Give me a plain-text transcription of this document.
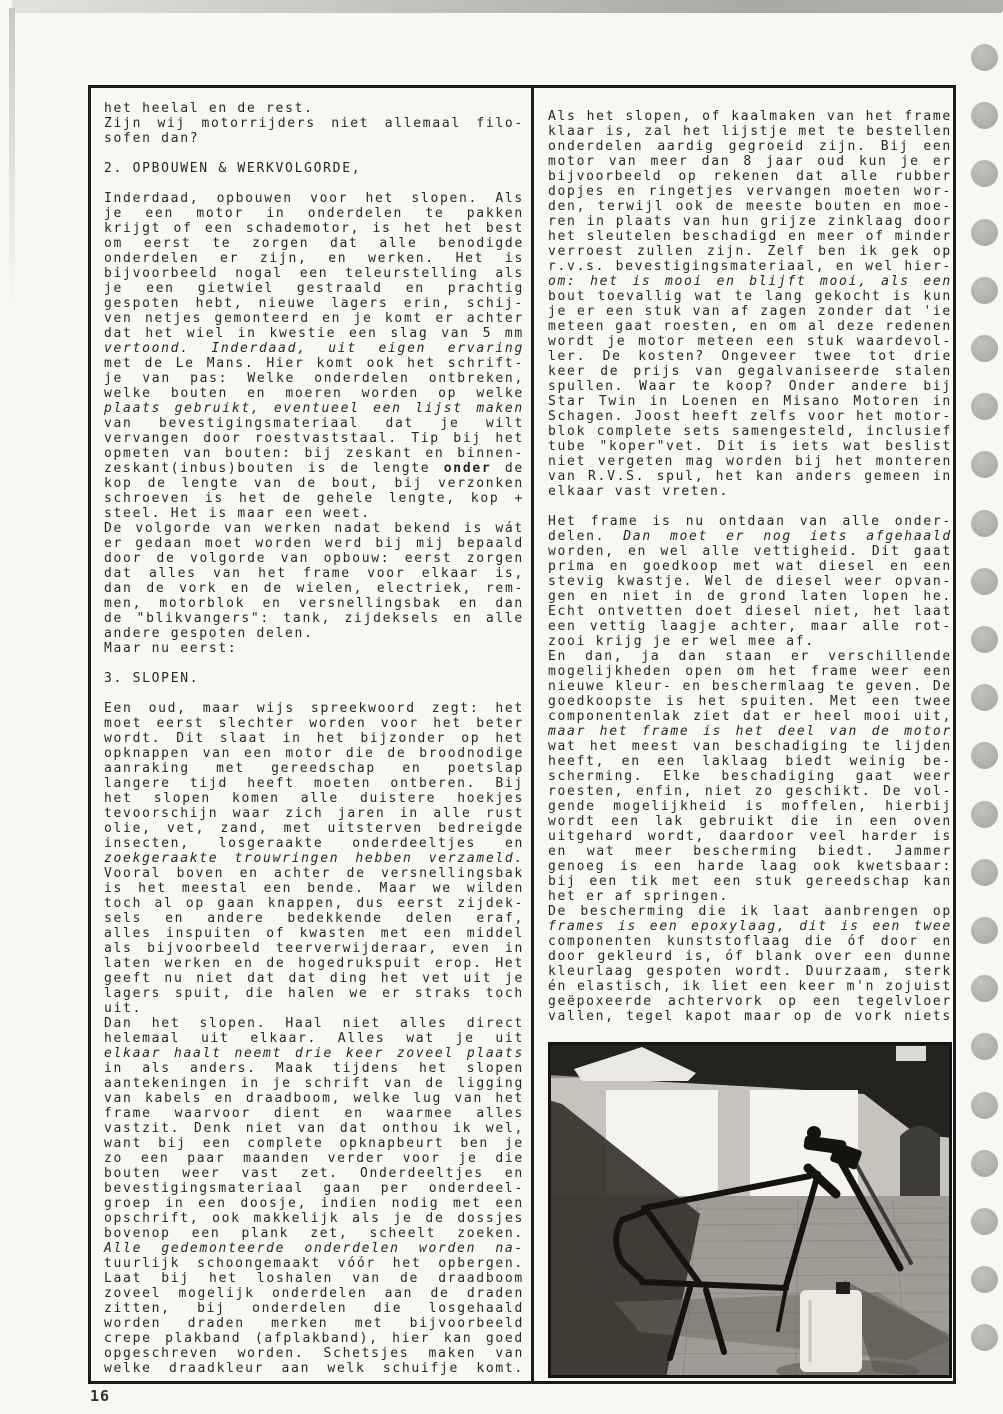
het heelal en de rest.
Zijn wij motorrijders niet allemaal filo-
sofen dan?
2. OPBOUWEN & WERKVOLGORDE,
Inderdaad, opbouwen voor het slopen. Als
je een motor in onderdelen te pakken
krijgt of een schademotor, is het het best
om eerst te zorgen dat alle benodigde
onderdelen er zijn, en werken. Het is
bijvoorbeeld nogal een teleurstelling als
je een gietwiel gestraald en prachtig
gespoten hebt, nieuwe lagers erin, schij-
ven netjes gemonteerd en je komt er achter
dat het wiel in kwestie een slag van 5 mm
vertoond. Inderdaad, uit eigen ervaring
met de Le Mans. Hier komt ook het schrift-
je van pas: Welke onderdelen ontbreken,
welke bouten en moeren worden op welke
plaats gebruikt, eventueel een lijst maken
van bevestigingsmateriaal dat je wilt
vervangen door roestvaststaal. Tip bij het
opmeten van bouten: bij zeskant en binnen-
zeskant(inbus)bouten is de lengte onder de
kop de lengte van de bout, bij verzonken
schroeven is het de gehele lengte, kop +
steel. Het is maar een weet.
De volgorde van werken nadat bekend is wát
er gedaan moet worden werd bij mij bepaald
door de volgorde van opbouw: eerst zorgen
dat alles van het frame voor elkaar is,
dan de vork en de wielen, electriek, rem-
men, motorblok en versnellingsbak en dan
de "blikvangers": tank, zijdeksels en alle
andere gespoten delen.
Maar nu eerst:
3. SLOPEN.
Een oud, maar wijs spreekwoord zegt: het
moet eerst slechter worden voor het beter
wordt. Dit slaat in het bijzonder op het
opknappen van een motor die de broodnodige
aanraking met gereedschap en poetslap
langere tijd heeft moeten ontberen. Bij
het slopen komen alle duistere hoekjes
tevoorschijn waar zich jaren in alle rust
olie, vet, zand, met uitsterven bedreigde
insecten, losgeraakte onderdeeltjes en
zoekgeraakte trouwringen hebben verzameld.
Vooral boven en achter de versnellingsbak
is het meestal een bende. Maar we wilden
toch al op gaan knappen, dus eerst zijdek-
sels en andere bedekkende delen eraf,
alles inspuiten of kwasten met een middel
als bijvoorbeeld teerverwijderaar, even in
laten werken en de hogedrukspuit erop. Het
geeft nu niet dat dat ding het vet uit je
lagers spuit, die halen we er straks toch
uit.
Dan het slopen. Haal niet alles direct
helemaal uit elkaar. Alles wat je uit
elkaar haalt neemt drie keer zoveel plaats
in als anders. Maak tijdens het slopen
aantekeningen in je schrift van de ligging
van kabels en draadboom, welke lug van het
frame waarvoor dient en waarmee alles
vastzit. Denk niet van dat onthou ik wel,
want bij een complete opknapbeurt ben je
zo een paar maanden verder voor je die
bouten weer vast zet. Onderdeeltjes en
bevestigingsmateriaal gaan per onderdeel-
groep in een doosje, indien nodig met een
opschrift, ook makkelijk als je de dossjes
bovenop een plank zet, scheelt zoeken.
Alle gedemonteerde onderdelen worden na-
tuurlijk schoongemaakt vóór het opbergen.
Laat bij het loshalen van de draadboom
zoveel mogelijk onderdelen aan de draden
zitten, bij onderdelen die losgehaald
worden draden merken met bijvoorbeeld
crepe plakband (afplakband), hier kan goed
opgeschreven worden. Schetsjes maken van
welke draadkleur aan welk schuifje komt.
Als het slopen, of kaalmaken van het frame
klaar is, zal het lijstje met te bestellen
onderdelen aardig gegroeid zijn. Bij een
motor van meer dan 8 jaar oud kun je er
bijvoorbeeld op rekenen dat alle rubber
dopjes en ringetjes vervangen moeten wor-
den, terwijl ook de meeste bouten en moe-
ren in plaats van hun grijze zinklaag door
het sleutelen beschadigd en meer of minder
verroest zullen zijn. Zelf ben ik gek op
r.v.s. bevestigingsmateriaal, en wel hier-
om: het is mooi en blijft mooi, als een
bout toevallig wat te lang gekocht is kun
je er een stuk van af zagen zonder dat 'ie
meteen gaat roesten, en om al deze redenen
wordt je motor meteen een stuk waardevol-
ler. De kosten? Ongeveer twee tot drie
keer de prijs van gegalvaniseerde stalen
spullen. Waar te koop? Onder andere bij
Star Twin in Loenen en Misano Motoren in
Schagen. Joost heeft zelfs voor het motor-
blok complete sets samengesteld, inclusief
tube "koper"vet. Dit is iets wat beslist
niet vergeten mag worden bij het monteren
van R.V.S. spul, het kan anders gemeen in
elkaar vast vreten.
Het frame is nu ontdaan van alle onder-
delen. Dan moet er nog iets afgehaald
worden, en wel alle vettigheid. Dit gaat
prima en goedkoop met wat diesel en een
stevig kwastje. Wel de diesel weer opvan-
gen en niet in de grond laten lopen he.
Echt ontvetten doet diesel niet, het laat
een vettig laagje achter, maar alle rot-
zooi krijg je er wel mee af.
En dan, ja dan staan er verschillende
mogelijkheden open om het frame weer een
nieuwe kleur- en beschermlaag te geven. De
goedkoopste is het spuiten. Met een twee
componentenlak ziet dat er heel mooi uit,
maar het frame is het deel van de motor
wat het meest van beschadiging te lijden
heeft, en een laklaag biedt weinig be-
scherming. Elke beschadiging gaat weer
roesten, enfin, niet zo geschikt. De vol-
gende mogelijkheid is moffelen, hierbij
wordt een lak gebruikt die in een oven
uitgehard wordt, daardoor veel harder is
en wat meer bescherming biedt. Jammer
genoeg is een harde laag ook kwetsbaar:
bij een tik met een stuk gereedschap kan
het er af springen.
De bescherming die ik laat aanbrengen op
frames is een epoxylaag, dit is een twee
componenten kunststoflaag die óf door en
door gekleurd is, óf blank over een dunne
kleurlaag gespoten wordt. Duurzaam, sterk
én elastisch, ik liet een keer m'n zojuist
geëpoxeerde achtervork op een tegelvloer
vallen, tegel kapot maar op de vork niets
16
